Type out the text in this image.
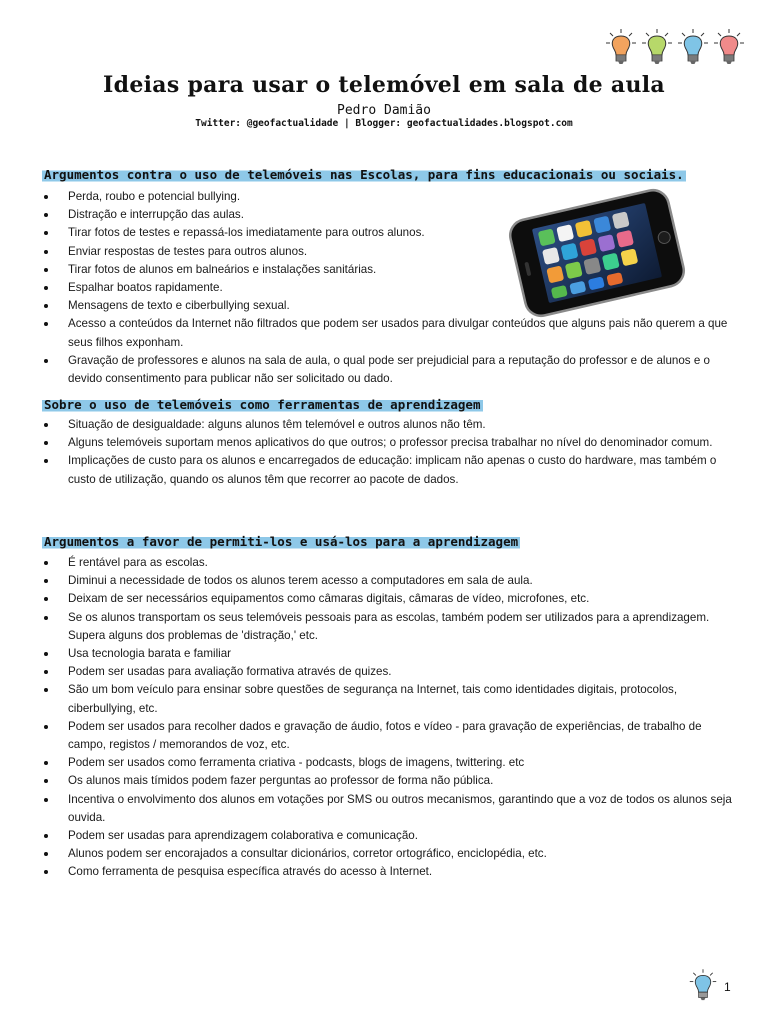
Ideias para usar o telemóvel em sala de aula
Pedro Damião
Twitter: @geofactualidade | Blogger: geofactualidades.blogspot.com
Argumentos contra o uso de telemóveis nas Escolas, para fins educacionais ou sociais.
Perda, roubo e potencial bullying.
Distração e interrupção das aulas.
Tirar fotos de testes e repassá-los imediatamente para outros alunos.
Enviar respostas de testes para outros alunos.
Tirar fotos de alunos em balneários e instalações sanitárias.
Espalhar boatos rapidamente.
Mensagens de texto e ciberbullying sexual.
Acesso a conteúdos da Internet não filtrados que podem ser usados para divulgar conteúdos que alguns pais não querem a que seus filhos exponham.
Gravação de professores e alunos na sala de aula, o qual pode ser prejudicial para a reputação do professor e de alunos e o devido consentimento para publicar não ser solicitado ou dado.
Sobre o uso de telemóveis como ferramentas de aprendizagem
Situação de desigualdade: alguns alunos têm telemóvel e outros alunos não têm.
Alguns telemóveis suportam menos aplicativos do que outros; o professor precisa trabalhar no nível do denominador comum.
Implicações de custo para os alunos e encarregados de educação: implicam não apenas o custo do hardware, mas também o custo de utilização, quando os alunos têm que recorrer ao pacote de dados.
Argumentos a favor de permiti-los e usá-los para a aprendizagem
É rentável para as escolas.
Diminui a necessidade de todos os alunos terem acesso a computadores em sala de aula.
Deixam de ser necessários equipamentos como câmaras digitais, câmaras de vídeo, microfones, etc.
Se os alunos transportam os seus telemóveis pessoais para as escolas, também podem ser utilizados para a aprendizagem. Supera alguns dos problemas de 'distração,' etc.
Usa tecnologia barata e familiar
Podem ser usadas para avaliação formativa através de quizes.
São um bom veículo para ensinar sobre questões de segurança na Internet, tais como identidades digitais, protocolos, ciberbullying, etc.
Podem ser usados para recolher dados e gravação de áudio, fotos e vídeo - para gravação de experiências, de trabalho de campo, registos / memorandos de voz, etc.
Podem ser usados como ferramenta criativa - podcasts, blogs de imagens, twittering. etc
Os alunos mais tímidos podem fazer perguntas ao professor de forma não pública.
Incentiva o envolvimento dos alunos em votações por SMS ou outros mecanismos, garantindo que a voz de todos os alunos seja ouvida.
Podem ser usadas para aprendizagem colaborativa e comunicação.
Alunos podem ser encorajados a consultar dicionários, corretor ortográfico, enciclopédia, etc.
Como ferramenta de pesquisa específica através do acesso à Internet.
1
